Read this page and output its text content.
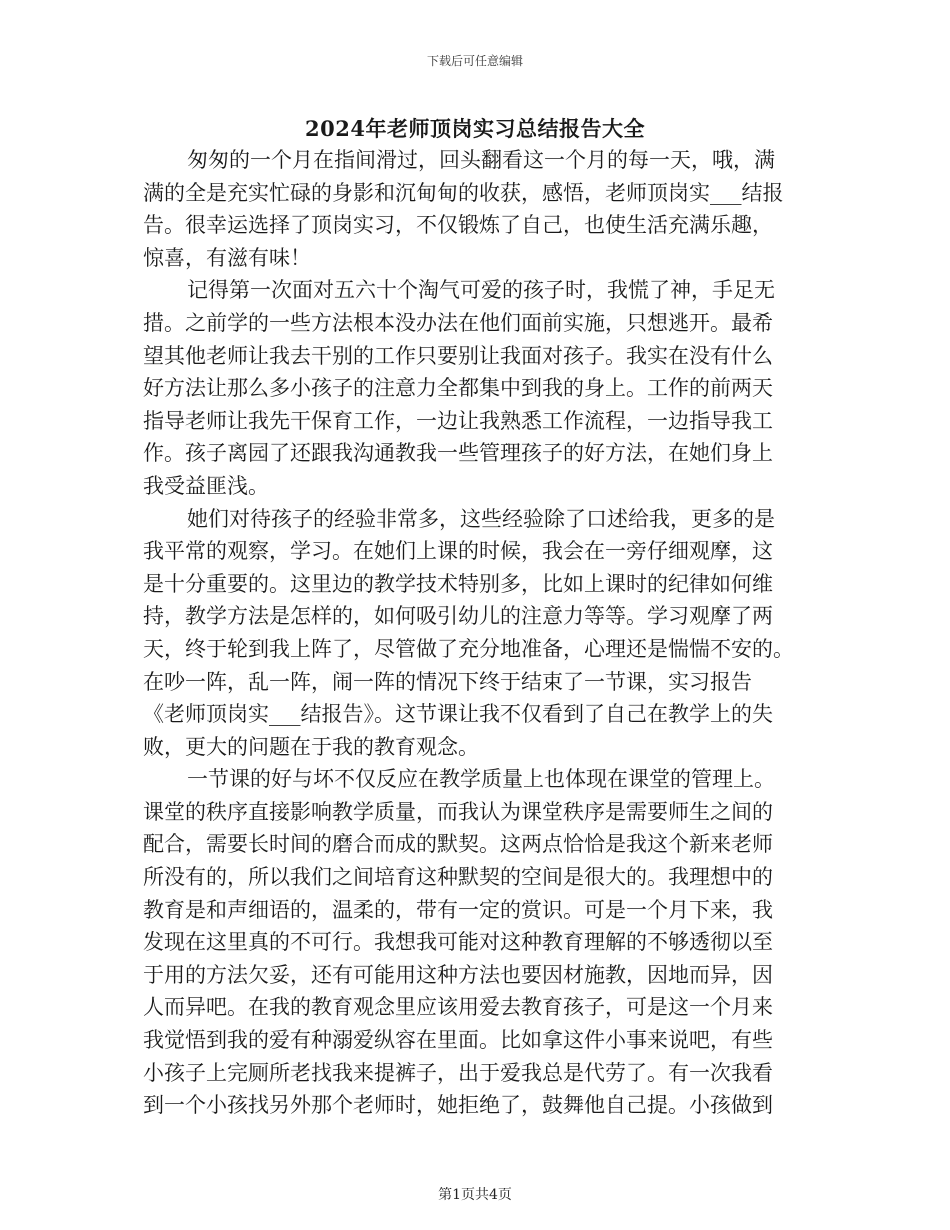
下载后可任意编辑
2024年老师顶岗实习总结报告大全
匆匆的一个月在指间滑过，回头翻看这一个月的每一天，哦，满
满的全是充实忙碌的身影和沉甸甸的收获，感悟，老师顶岗实___结报
告。很幸运选择了顶岗实习，不仅锻炼了自己，也使生活充满乐趣，
惊喜，有滋有味！
记得第一次面对五六十个淘气可爱的孩子时，我慌了神，手足无
措。之前学的一些方法根本没办法在他们面前实施，只想逃开。最希
望其他老师让我去干别的工作只要别让我面对孩子。我实在没有什么
好方法让那么多小孩子的注意力全都集中到我的身上。工作的前两天
指导老师让我先干保育工作，一边让我熟悉工作流程，一边指导我工
作。孩子离园了还跟我沟通教我一些管理孩子的好方法，在她们身上
我受益匪浅。
她们对待孩子的经验非常多，这些经验除了口述给我，更多的是
我平常的观察，学习。在她们上课的时候，我会在一旁仔细观摩，这
是十分重要的。这里边的教学技术特别多，比如上课时的纪律如何维
持，教学方法是怎样的，如何吸引幼儿的注意力等等。学习观摩了两
天，终于轮到我上阵了，尽管做了充分地准备，心理还是惴惴不安的。
在吵一阵，乱一阵，闹一阵的情况下终于结束了一节课，实习报告
《老师顶岗实___结报告》。这节课让我不仅看到了自己在教学上的失
败，更大的问题在于我的教育观念。
一节课的好与坏不仅反应在教学质量上也体现在课堂的管理上。
课堂的秩序直接影响教学质量，而我认为课堂秩序是需要师生之间的
配合，需要长时间的磨合而成的默契。这两点恰恰是我这个新来老师
所没有的，所以我们之间培育这种默契的空间是很大的。我理想中的
教育是和声细语的，温柔的，带有一定的赏识。可是一个月下来，我
发现在这里真的不可行。我想我可能对这种教育理解的不够透彻以至
于用的方法欠妥，还有可能用这种方法也要因材施教，因地而异，因
人而异吧。在我的教育观念里应该用爱去教育孩子，可是这一个月来
我觉悟到我的爱有种溺爱纵容在里面。比如拿这件小事来说吧，有些
小孩子上完厕所老找我来提裤子，出于爱我总是代劳了。有一次我看
到一个小孩找另外那个老师时，她拒绝了，鼓舞他自己提。小孩做到
第1页共4页
